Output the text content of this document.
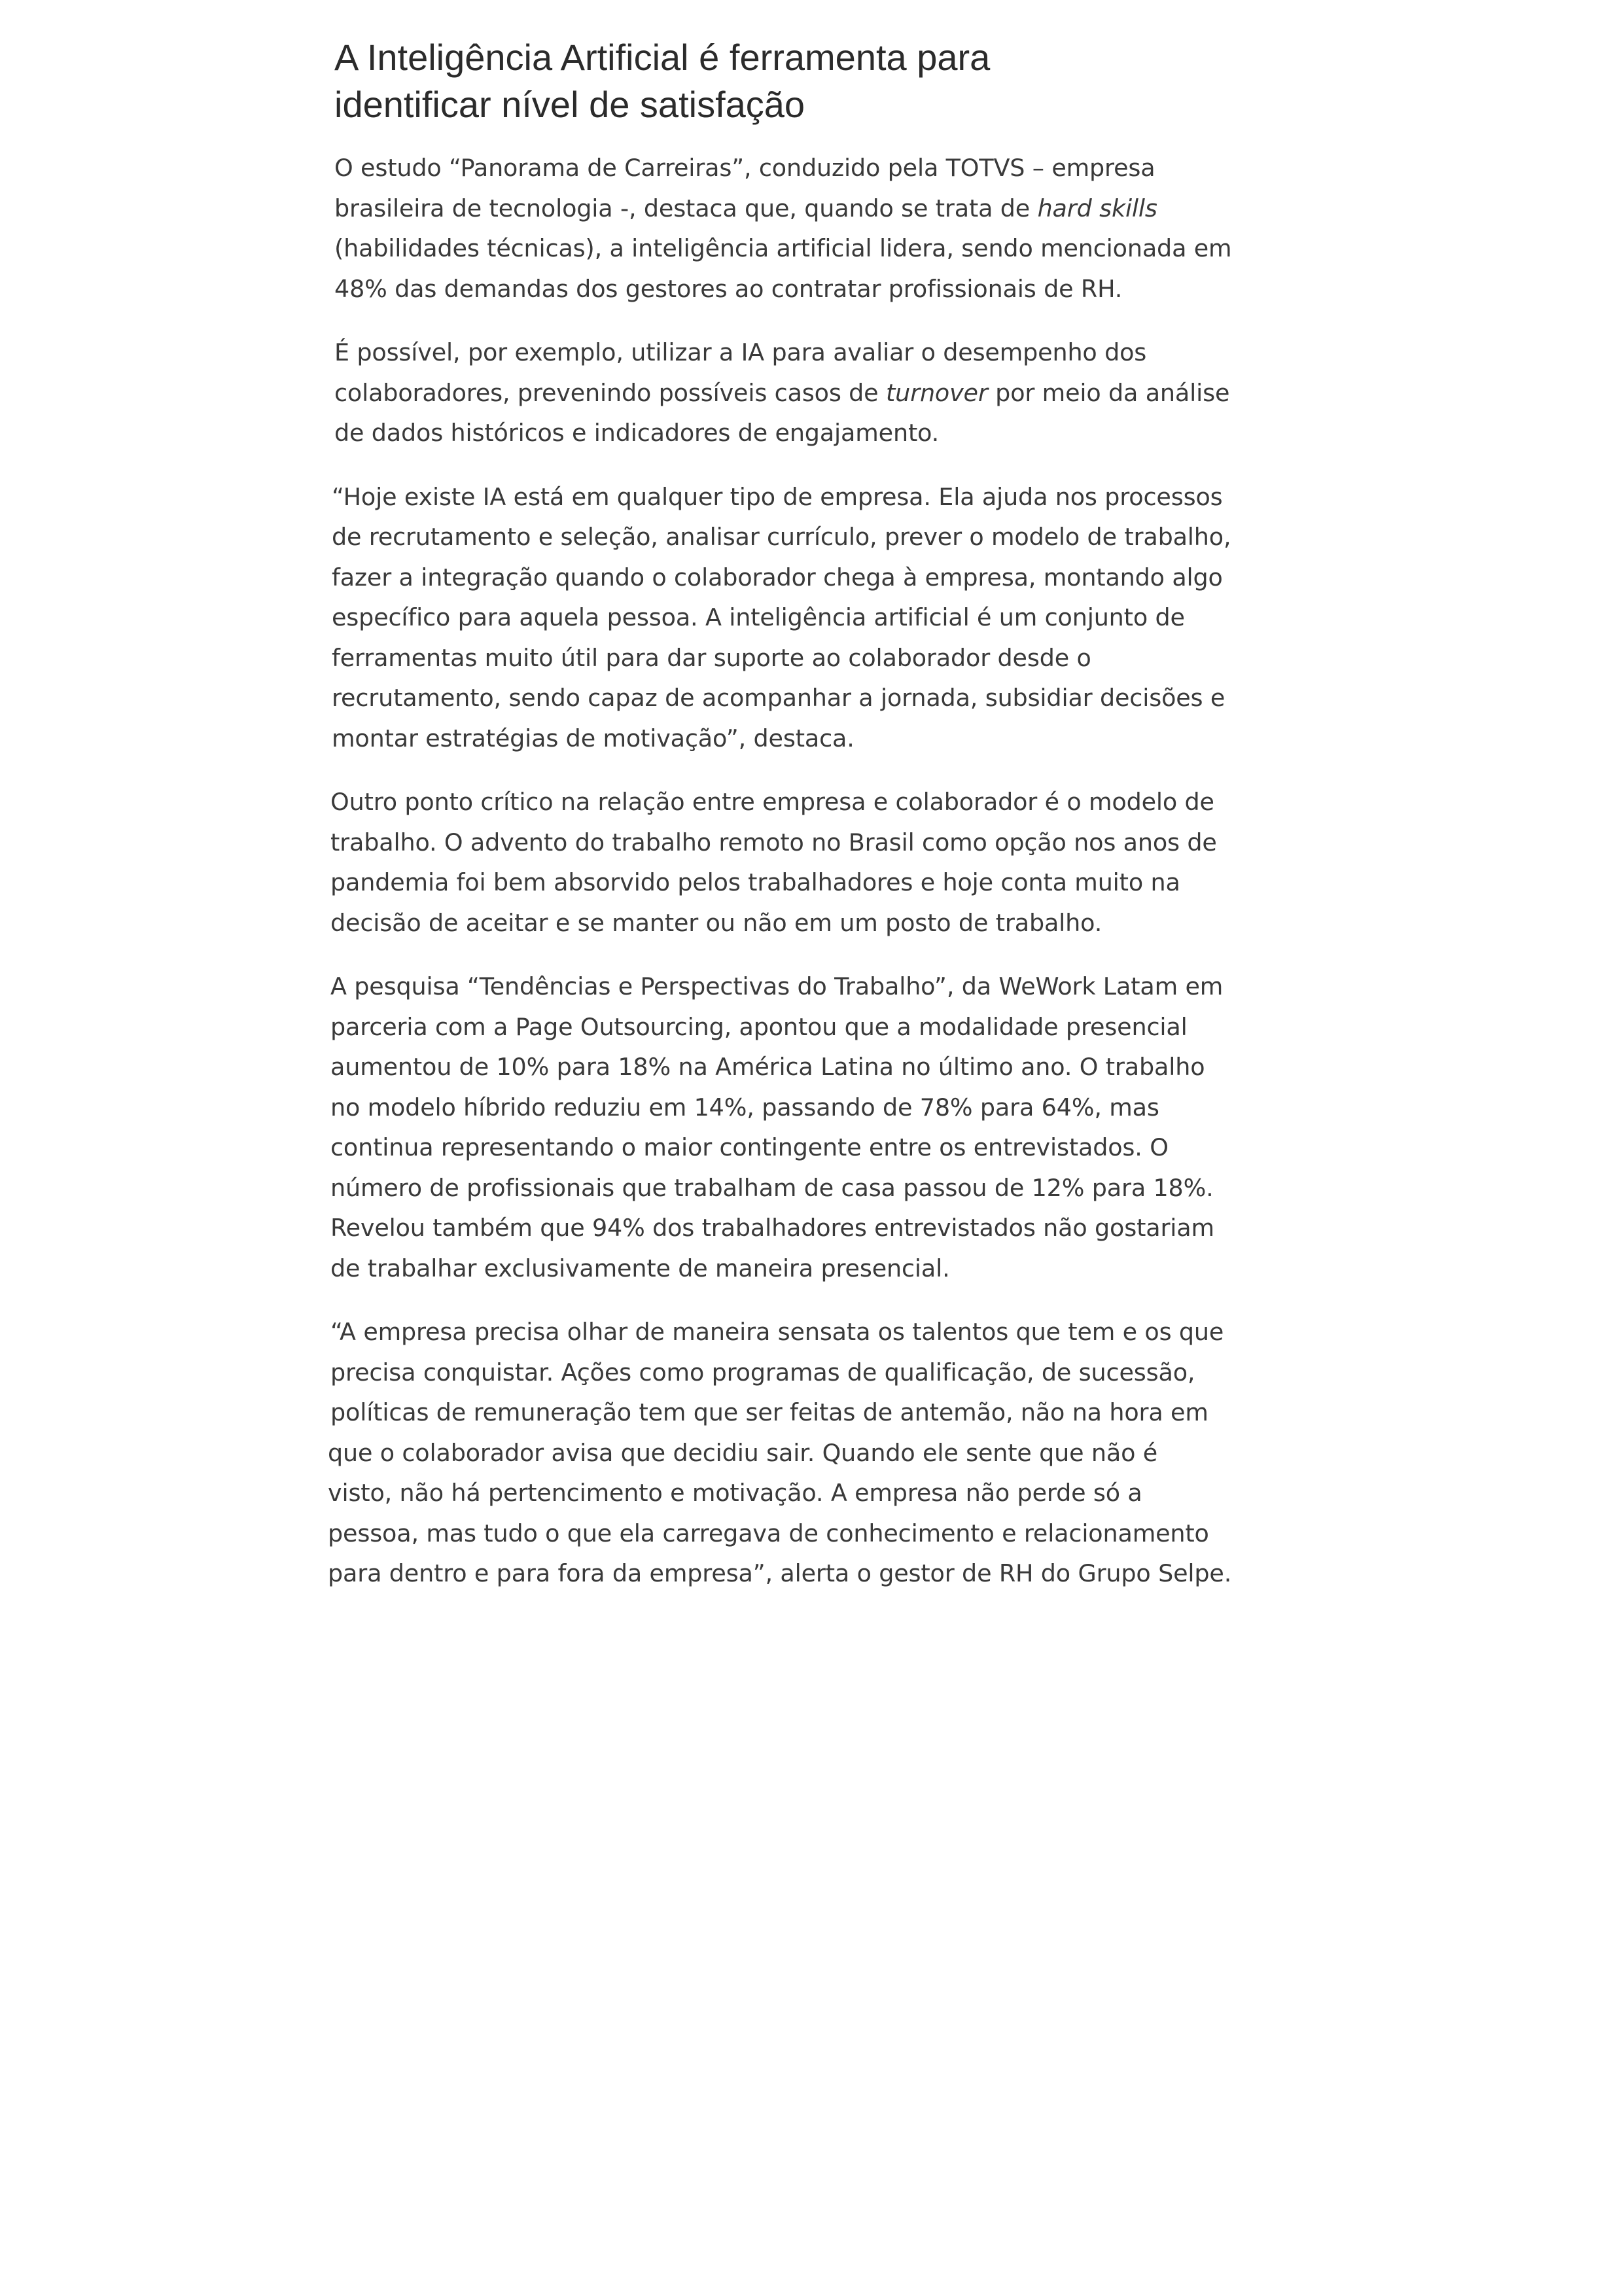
A Inteligência Artificial é ferramenta para
identificar nível de satisfação
O estudo “Panorama de Carreiras”, conduzido pela TOTVS – empresa
brasileira de tecnologia -, destaca que, quando se trata de hard skills
(habilidades técnicas), a inteligência artificial lidera, sendo mencionada em
48% das demandas dos gestores ao contratar profissionais de RH.
É possível, por exemplo, utilizar a IA para avaliar o desempenho dos
colaboradores, prevenindo possíveis casos de turnover por meio da análise
de dados históricos e indicadores de engajamento.
“Hoje existe IA está em qualquer tipo de empresa. Ela ajuda nos processos
de recrutamento e seleção, analisar currículo, prever o modelo de trabalho,
fazer a integração quando o colaborador chega à empresa, montando algo
específico para aquela pessoa. A inteligência artificial é um conjunto de
ferramentas muito útil para dar suporte ao colaborador desde o
recrutamento, sendo capaz de acompanhar a jornada, subsidiar decisões e
montar estratégias de motivação”, destaca.
Outro ponto crítico na relação entre empresa e colaborador é o modelo de
trabalho. O advento do trabalho remoto no Brasil como opção nos anos de
pandemia foi bem absorvido pelos trabalhadores e hoje conta muito na
decisão de aceitar e se manter ou não em um posto de trabalho.
A pesquisa “Tendências e Perspectivas do Trabalho”, da WeWork Latam em
parceria com a Page Outsourcing, apontou que a modalidade presencial
aumentou de 10% para 18% na América Latina no último ano. O trabalho
no modelo híbrido reduziu em 14%, passando de 78% para 64%, mas
continua representando o maior contingente entre os entrevistados. O
número de profissionais que trabalham de casa passou de 12% para 18%.
Revelou também que 94% dos trabalhadores entrevistados não gostariam
de trabalhar exclusivamente de maneira presencial.
“A empresa precisa olhar de maneira sensata os talentos que tem e os que
precisa conquistar. Ações como programas de qualificação, de sucessão,
políticas de remuneração tem que ser feitas de antemão, não na hora em
que o colaborador avisa que decidiu sair. Quando ele sente que não é
visto, não há pertencimento e motivação. A empresa não perde só a
pessoa, mas tudo o que ela carregava de conhecimento e relacionamento
para dentro e para fora da empresa”, alerta o gestor de RH do Grupo Selpe.
